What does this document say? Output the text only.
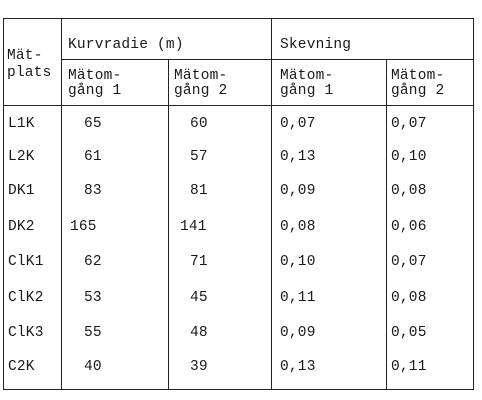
Mät-
plats
Kurvradie (m)	Skevning
Mätom-
gång 1
Mätom-
gång 2
Mätom-
gång 1
Mätom-
gång 2
L1K	65	60	0,07	0,07
L2K	61	57	0,13	0,10
DK1	83	81	0,09	0,08
DK2 165	141	0,08	0,06
ClK1	62	71	0,10	0,07
ClK2	53	45	0,11	0,08
ClK3	55	48	0,09	0,05
C2K	40	39	0,13	0,11
